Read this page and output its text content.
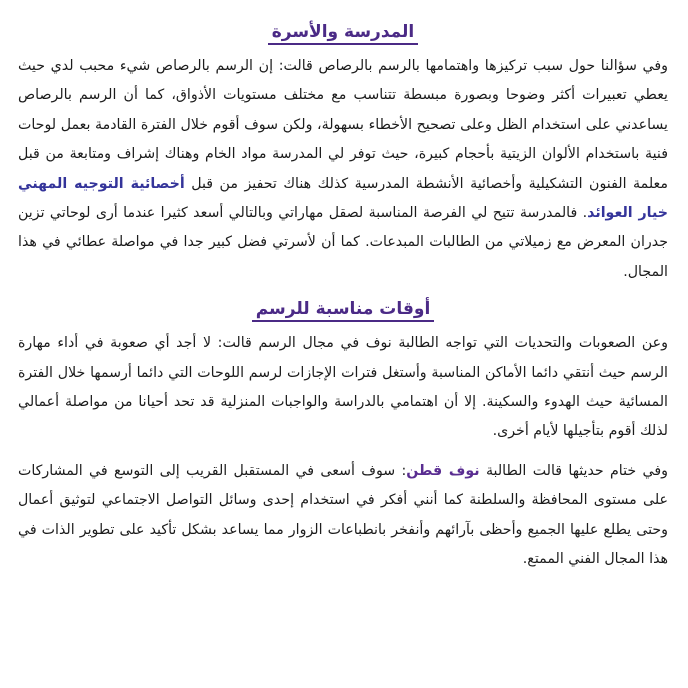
المدرسة والأسرة

وفي سؤالنا حول سبب تركيزها واهتمامها بالرسم بالرصاص قالت: إن الرسم بالرصاص شيء محبب لدي حيث يعطي تعبيرات أكثر وضوحا وبصورة مبسطة تتناسب مع مختلف مستويات الأذواق، كما أن الرسم بالرصاص يساعدني على استخدام الظل وعلى تصحيح الأخطاء بسهولة، ولكن سوف أقوم خلال الفترة القادمة بعمل لوحات فنية باستخدام الألوان الزيتية بأحجام كبيرة، حيث توفر لي المدرسة مواد الخام وهناك إشراف ومتابعة من قبل معلمة الفنون التشكيلية وأخصائية الأنشطة المدرسية كذلك هناك تحفيز من قبل أخصائية التوجيه المهني خيار العوائد. فالمدرسة تتيح لي الفرصة المناسبة لصقل مهاراتي وبالتالي أسعد كثيرا عندما أرى لوحاتي تزين جدران المعرض مع زميلاتي من الطالبات المبدعات. كما أن لأسرتي فضل كبير جدا في مواصلة عطائي في هذا المجال.

أوقات مناسبة للرسم

وعن الصعوبات والتحديات التي تواجه الطالبة نوف في مجال الرسم قالت: لا أجد أي صعوبة في أداء مهارة الرسم حيث أنتقي دائما الأماكن المناسبة وأستغل فترات الإجازات لرسم اللوحات التي دائما أرسمها خلال الفترة المسائية حيث الهدوء والسكينة. إلا أن اهتمامي بالدراسة والواجبات المنزلية قد تحد أحيانا من مواصلة أعمالي لذلك أقوم بتأجيلها لأيام أخرى.

وفي ختام حديثها قالت الطالبة نوف قطن: سوف أسعى في المستقبل القريب إلى التوسع في المشاركات على مستوى المحافظة والسلطنة كما أنني أفكر في استخدام إحدى وسائل التواصل الاجتماعي لتوثيق أعمال وحتى يطلع عليها الجميع وأحظى بآرائهم وأنفخر بانطباعات الزوار مما يساعد بشكل تأكيد على تطوير الذات في هذا المجال الفني الممتع.
